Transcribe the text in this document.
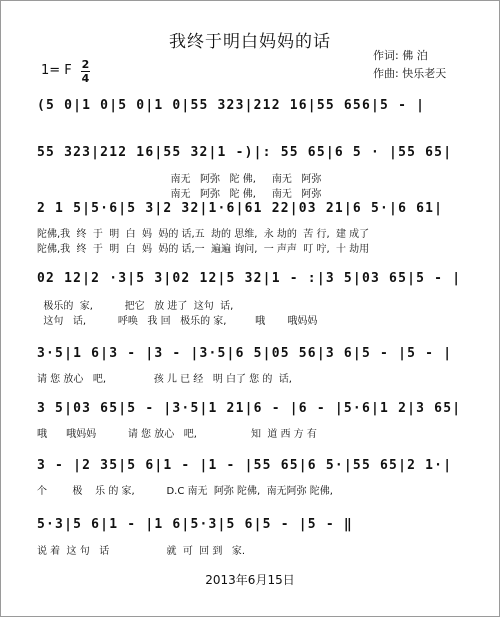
我终于明白妈妈的话
作词: 佛 泊
作曲: 快乐老天
1= F 2
4
(5 0|1 0|5 0|1 0|55 323|212 16|55 656|5 - |
55 323|212 16|55 32|1 -)|: 55 65|6 5 · |55 65|
南无   阿弥   陀 佛,     南无   阿弥
南无   阿弥   陀 佛,     南无   阿弥
2 1 5|5·6|5 3|2 32|1·6|61 22|03 21|6 5·|6 61|
陀佛,我  终  于  明  白  妈  妈的 话,五  劫的 思维,  永 劫的  苦 行,  建 成了
陀佛,我  终  于  明  白  妈  妈的 话,一  遍遍 询问,  一 声声  叮 咛,  十 劫用
02 12|2 ·3|5 3|02 12|5 32|1 - :|3 5|03 65|5 - |
极乐的  家,          把它   放 进了  这句  话,
这句   话,          呼唤   我 回   极乐的 家,         哦       哦妈妈
3·5|1 6|3 - |3 - |3·5|6 5|05 56|3 6|5 - |5 - |
请 您 放心   吧,               孩 儿 已 经   明 白了 您 的  话,
3 5|03 65|5 - |3·5|1 21|6 - |6 - |5·6|1 2|3 65|
哦      哦妈妈          请 您 放心   吧,                 知  道 西 方 有
3 - |2 35|5 6|1 - |1 - |55 65|6 5·|55 65|2 1·|
个        极    乐 的 家,          D.C 南无  阿弥 陀佛,  南无阿弥 陀佛,
5·3|5 6|1 - |1 6|5·3|5 6|5 - |5 - ‖
说 着  这 句   话                  就  可  回 到   家.
2013年6月15日
